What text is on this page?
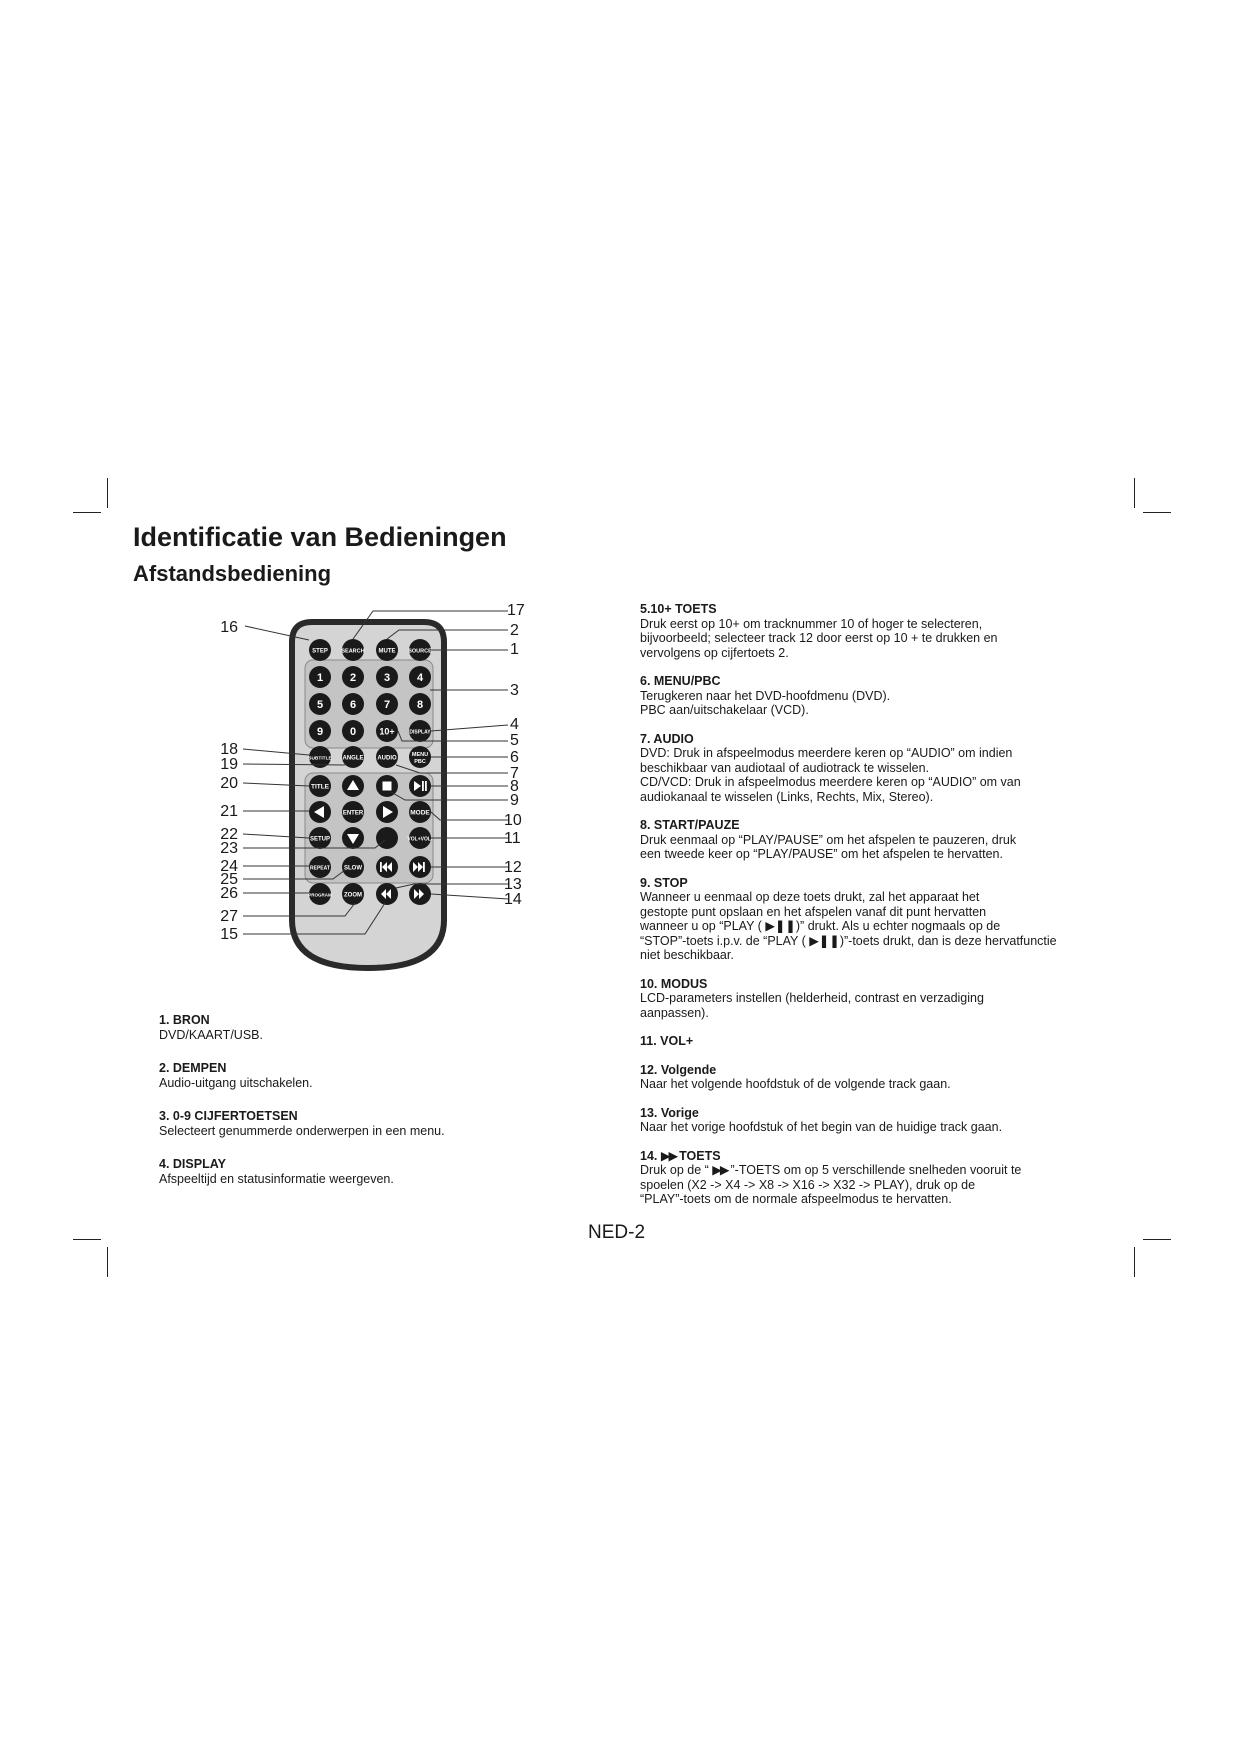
Identificatie van Bedieningen
Afstandsbediening
STEP SEARCH MUTE SOURCE
1 2	3 4
5 6	7 8
9 0	10+	DISPLAY
SUBTITLE ANGLE AUDIO
MENU
PBC
TITLE
ENTER	MODE
SETUP	VOL+VOL-
REPEAT SLOW
PROGRAM ZOOM
17
2
1
3
4
5
6
7
8
9
10
11
12
13
14
16
18
19
20
21
22
23
24
25
26
27
15
1. BRON
DVD/KAART/USB.
2. DEMPEN
Audio-uitgang uitschakelen.
3. 0-9 CIJFERTOETSEN
Selecteert genummerde onderwerpen in een menu.
4. DISPLAY
Afspeeltijd en statusinformatie weergeven.
5.10+ TOETS
Druk eerst op 10+ om tracknummer 10 of hoger te selecteren,
bijvoorbeeld; selecteer track 12 door eerst op 10 + te drukken en
vervolgens op cijfertoets 2.
6. MENU/PBC
Terugkeren naar het DVD-hoofdmenu (DVD).
PBC aan/uitschakelaar (VCD).
7. AUDIO
DVD: Druk in afspeelmodus meerdere keren op “AUDIO” om indien
beschikbaar van audiotaal of audiotrack te wisselen.
CD/VCD: Druk in afspeelmodus meerdere keren op “AUDIO” om van
audiokanaal te wisselen (Links, Rechts, Mix, Stereo).
8. START/PAUZE
Druk eenmaal op “PLAY/PAUSE” om het afspelen te pauzeren, druk
een tweede keer op “PLAY/PAUSE” om het afspelen te hervatten.
9. STOP
Wanneer u eenmaal op deze toets drukt, zal het apparaat het
gestopte punt opslaan en het afspelen vanaf dit punt hervatten
wanneer u op “PLAY ( ▶❚❚)” drukt. Als u echter nogmaals op de
“STOP”-toets i.p.v. de “PLAY ( ▶❚❚)”-toets drukt, dan is deze hervatfunctie
niet beschikbaar.
10. MODUS
LCD-parameters instellen (helderheid, contrast en verzadiging
aanpassen).
11. VOL+
12. Volgende
Naar het volgende hoofdstuk of de volgende track gaan.
13. Vorige
Naar het vorige hoofdstuk of het begin van de huidige track gaan.
14. ▶▶ TOETS
Druk op de “ ▶▶ ”-TOETS om op 5 verschillende snelheden vooruit te
spoelen (X2 -> X4 -> X8 -> X16 -> X32 -> PLAY), druk op de
“PLAY”-toets om de normale afspeelmodus te hervatten.
NED-2
